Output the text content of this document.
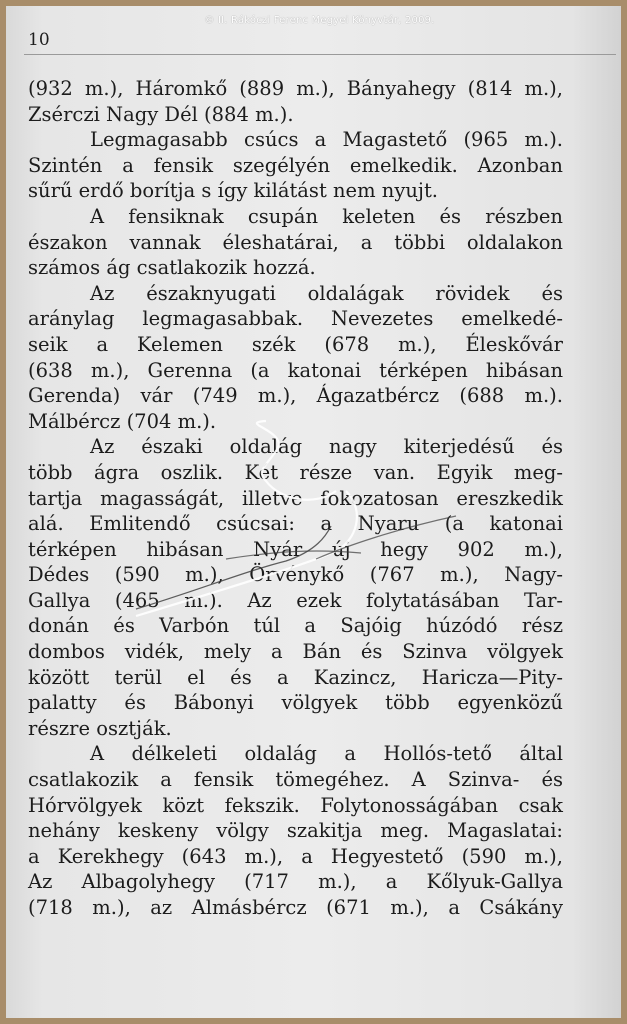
© II. Rákóczi Ferenc Megyei Könyvtár, 2009.
10
(932 m.), Háromkő (889 m.), Bányahegy (814 m.),
Zsérczi Nagy Dél (884 m.).
Legmagasabb csúcs a Magastető (965 m.).
Szintén a fensik szegélyén emelkedik. Azonban
sűrű erdő borítja s így kilátást nem nyujt.
A fensiknak csupán keleten és részben
északon vannak éleshatárai, a többi oldalakon
számos ág csatlakozik hozzá.
Az északnyugati oldalágak rövidek és
aránylag legmagasabbak. Nevezetes emelkedé-
seik a Kelemen szék (678 m.), Éleskővár
(638 m.), Gerenna (a katonai térképen hibásan
Gerenda) vár (749 m.), Ágazatbércz (688 m.).
Málbércz (704 m.).
Az északi oldalág nagy kiterjedésű és
több ágra oszlik. Két része van. Egyik meg-
tartja magasságát, illetve fokozatosan ereszkedik
alá. Emlitendő csúcsai: a Nyaru (a katonai
térképen hibásan Nyár új hegy 902 m.),
Dédes (590 m.), Örvénykő (767 m.), Nagy-
Gallya (465 m.). Az ezek folytatásában Tar-
donán és Varbón túl a Sajóig húzódó rész
dombos vidék, mely a Bán és Szinva völgyek
között terül el és a Kazincz, Haricza—Pity-
palatty és Bábonyi völgyek több egyenközű
részre osztják.
A délkeleti oldalág a Hollós-tető által
csatlakozik a fensik tömegéhez. A Szinva- és
Hórvölgyek közt fekszik. Folytonosságában csak
nehány keskeny völgy szakitja meg. Magaslatai:
a Kerekhegy (643 m.), a Hegyestető (590 m.),
Az Albagolyhegy (717 m.), a Kőlyuk-Gallya
(718 m.), az Almásbércz (671 m.), a Csákány
